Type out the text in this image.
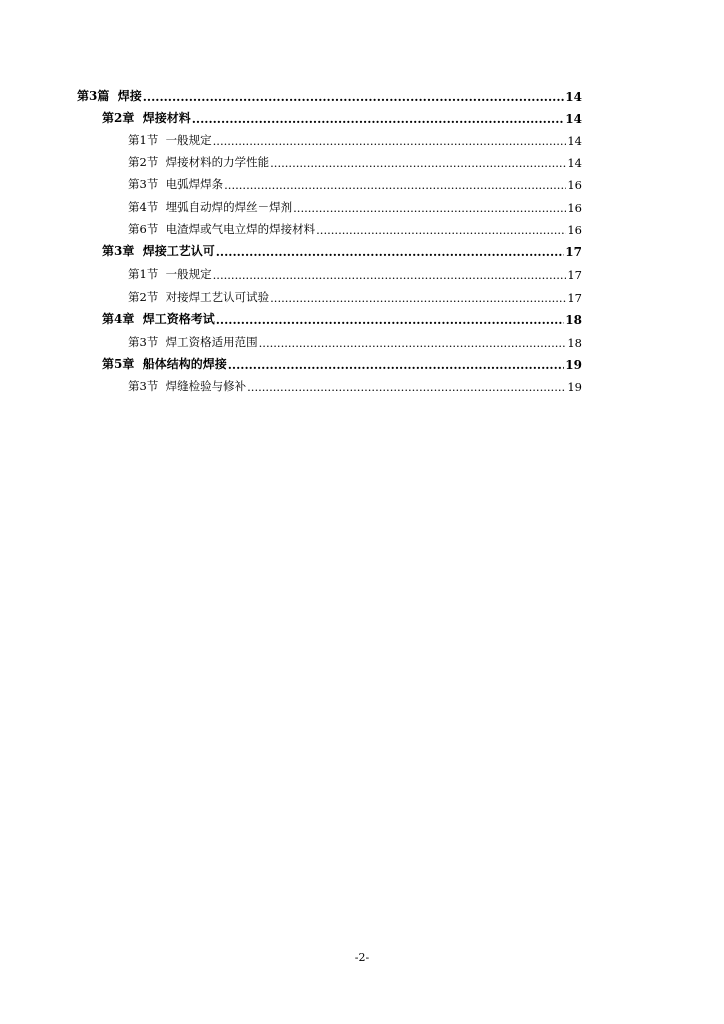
第3篇 焊接 .....	14
第2章 焊接材料 .....	14
第1节 一般规定 .....	14
第2节 焊接材料的力学性能 .....	14
第3节 电弧焊焊条 .....	16
第4节 埋弧自动焊的焊丝－焊剂 .....	16
第6节 电渣焊或气电立焊的焊接材料 .....	16
第3章 焊接工艺认可 .....	17
第1节 一般规定 .....	17
第2节 对接焊工艺认可试验 .....	17
第4章 焊工资格考试 .....	18
第3节 焊工资格适用范围 .....	18
第5章 船体结构的焊接 .....	19
第3节 焊缝检验与修补 .....	19
-2-
